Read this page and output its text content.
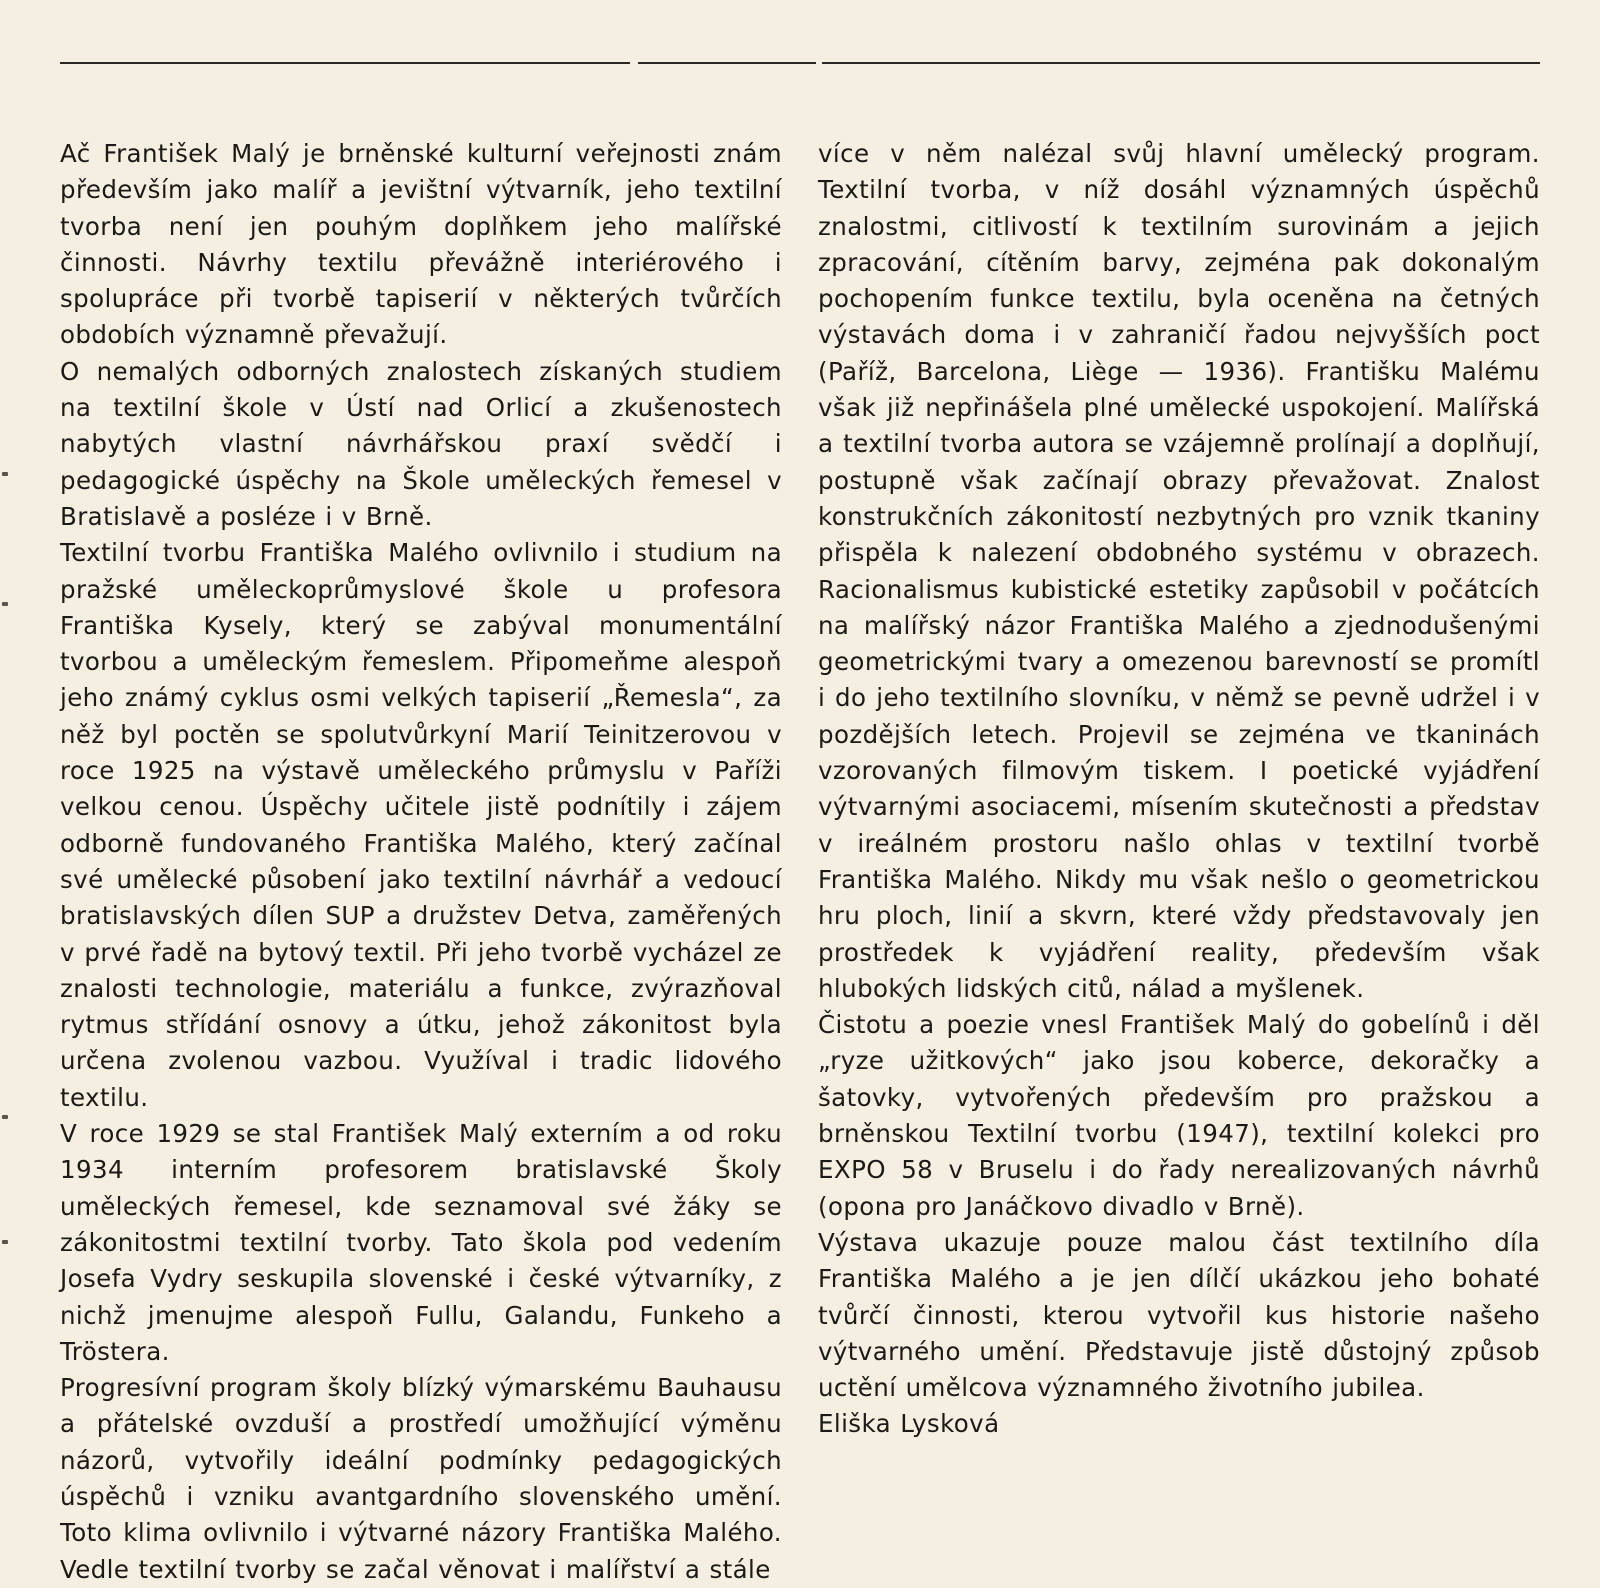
Ač František Malý je brněnské kulturní veřejnosti znám především jako malíř a jevištní výtvarník, jeho textilní tvorba není jen pouhým doplňkem jeho malířské činnosti. Návrhy textilu převážně interiérového i spolupráce při tvorbě tapiserií v některých tvůrčích obdobích významně převažují.

O nemalých odborných znalostech získaných studiem na textilní škole v Ústí nad Orlicí a zkušenostech nabytých vlastní návrhářskou praxí svědčí i pedagogické úspěchy na Škole uměleckých řemesel v Bratislavě a posléze i v Brně.

Textilní tvorbu Františka Malého ovlivnilo i studium na pražské uměleckoprůmyslové škole u profesora Františka Kysely, který se zabýval monumentální tvorbou a uměleckým řemeslem. Připomeňme alespoň jeho známý cyklus osmi velkých tapiserií „Řemesla“, za něž byl poctěn se spolutvůrkyní Marií Teinitzerovou v roce 1925 na výstavě uměleckého průmyslu v Paříži velkou cenou. Úspěchy učitele jistě podnítily i zájem odborně fundovaného Františka Malého, který začínal své umělecké působení jako textilní návrhář a vedoucí bratislavských dílen SUP a družstev Detva, zaměřených v prvé řadě na bytový textil. Při jeho tvorbě vycházel ze znalosti technologie, materiálu a funkce, zvýrazňoval rytmus střídání osnovy a útku, jehož zákonitost byla určena zvolenou vazbou. Využíval i tradic lidového textilu.

V roce 1929 se stal František Malý externím a od roku 1934 interním profesorem bratislavské Školy uměleckých řemesel, kde seznamoval své žáky se zákonitostmi textilní tvorby. Tato škola pod vedením Josefa Vydry seskupila slovenské i české výtvarníky, z nichž jmenujme alespoň Fullu, Galandu, Funkeho a Tröstera.

Progresívní program školy blízký výmarskému Bauhausu a přátelské ovzduší a prostředí umožňující výměnu názorů, vytvořily ideální podmínky pedagogických úspěchů i vzniku avantgardního slovenského umění. Toto klima ovlivnilo i výtvarné názory Františka Malého. Vedle textilní tvorby se začal věnovat i malířství a stále

více v něm nalézal svůj hlavní umělecký program. Textilní tvorba, v níž dosáhl významných úspěchů znalostmi, citlivostí k textilním surovinám a jejich zpracování, cítěním barvy, zejména pak dokonalým pochopením funkce textilu, byla oceněna na četných výstavách doma i v zahraničí řadou nejvyšších poct (Paříž, Barcelona, Liège — 1936). Františku Malému však již nepřinášela plné umělecké uspokojení. Malířská a textilní tvorba autora se vzájemně prolínají a doplňují, postupně však začínají obrazy převažovat. Znalost konstrukčních zákonitostí nezbytných pro vznik tkaniny přispěla k nalezení obdobného systému v obrazech. Racionalismus kubistické estetiky zapůsobil v počátcích na malířský názor Františka Malého a zjednodušenými geometrickými tvary a omezenou barevností se promítl i do jeho textilního slovníku, v němž se pevně udržel i v pozdějších letech. Projevil se zejména ve tkaninách vzorovaných filmovým tiskem. I poetické vyjádření výtvarnými asociacemi, mísením skutečnosti a představ v ireálném prostoru našlo ohlas v textilní tvorbě Františka Malého. Nikdy mu však nešlo o geometrickou hru ploch, linií a skvrn, které vždy představovaly jen prostředek k vyjádření reality, především však hlubokých lidských citů, nálad a myšlenek.

Čistotu a poezie vnesl František Malý do gobelínů i děl „ryze užitkových“ jako jsou koberce, dekoračky a šatovky, vytvořených především pro pražskou a brněnskou Textilní tvorbu (1947), textilní kolekci pro EXPO 58 v Bruselu i do řady nerealizovaných návrhů (opona pro Janáčkovo divadlo v Brně).

Výstava ukazuje pouze malou část textilního díla Františka Malého a je jen dílčí ukázkou jeho bohaté tvůrčí činnosti, kterou vytvořil kus historie našeho výtvarného umění. Představuje jistě důstojný způsob uctění umělcova významného životního jubilea.

Eliška Lysková
